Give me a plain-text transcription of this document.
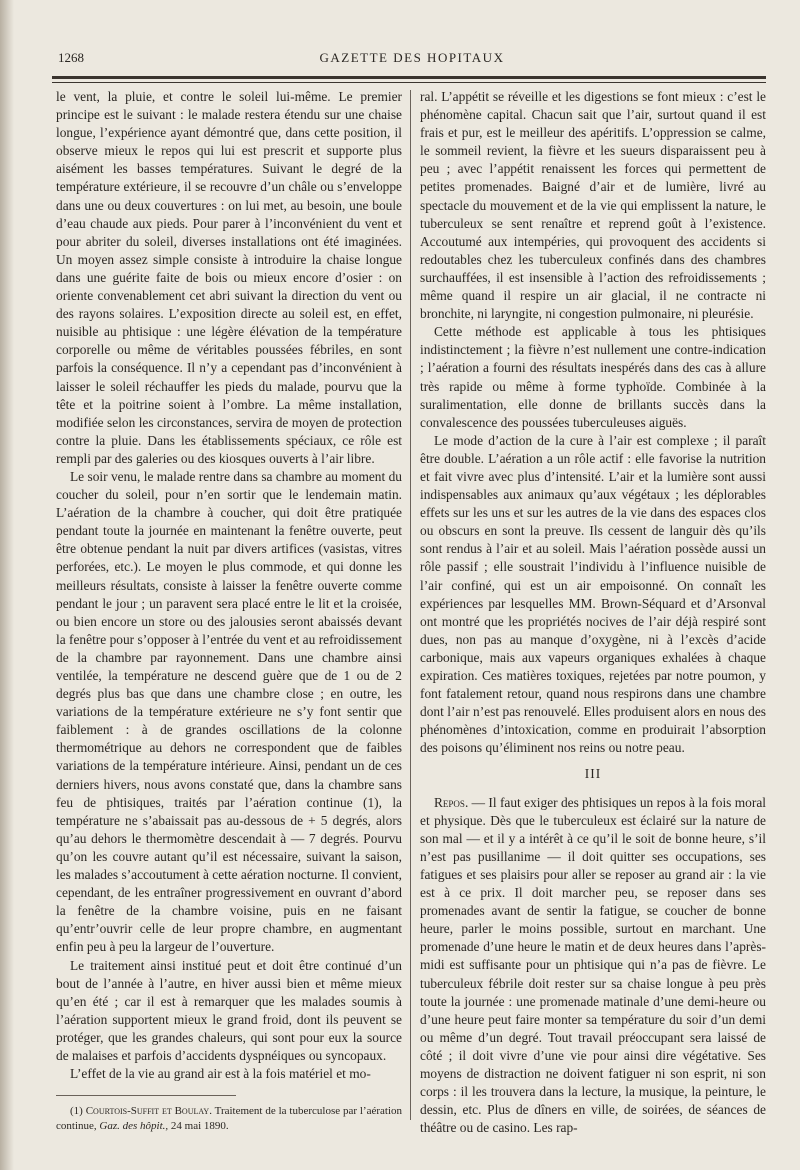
1268	GAZETTE DES HOPITAUX

le vent, la pluie, et contre le soleil lui-même. Le premier principe est le suivant : le malade restera étendu sur une chaise longue, l’expérience ayant démontré que, dans cette position, il observe mieux le repos qui lui est prescrit et supporte plus aisément les basses températures. Suivant le degré de la température extérieure, il se recouvre d’un châle ou s’enveloppe dans une ou deux couvertures : on lui met, au besoin, une boule d’eau chaude aux pieds. Pour parer à l’inconvénient du vent et pour abriter du soleil, diverses installations ont été imaginées. Un moyen assez simple consiste à introduire la chaise longue dans une guérite faite de bois ou mieux encore d’osier : on oriente convenablement cet abri suivant la direction du vent ou des rayons solaires. L’exposition directe au soleil est, en effet, nuisible au phtisique : une légère élévation de la température corporelle ou même de véritables poussées fébriles, en sont parfois la conséquence. Il n’y a cependant pas d’inconvénient à laisser le soleil réchauffer les pieds du malade, pourvu que la tête et la poitrine soient à l’ombre. La même installation, modifiée selon les circonstances, servira de moyen de protection contre la pluie. Dans les établissements spéciaux, ce rôle est rempli par des galeries ou des kiosques ouverts à l’air libre.

Le soir venu, le malade rentre dans sa chambre au moment du coucher du soleil, pour n’en sortir que le lendemain matin. L’aération de la chambre à coucher, qui doit être pratiquée pendant toute la journée en maintenant la fenêtre ouverte, peut être obtenue pendant la nuit par divers artifices (vasistas, vitres perforées, etc.). Le moyen le plus commode, et qui donne les meilleurs résultats, consiste à laisser la fenêtre ouverte comme pendant le jour ; un paravent sera placé entre le lit et la croisée, ou bien encore un store ou des jalousies seront abaissés devant la fenêtre pour s’opposer à l’entrée du vent et au refroidissement de la chambre par rayonnement. Dans une chambre ainsi ventilée, la température ne descend guère que de 1 ou de 2 degrés plus bas que dans une chambre close ; en outre, les variations de la température extérieure ne s’y font sentir que faiblement : à de grandes oscillations de la colonne thermométrique au dehors ne correspondent que de faibles variations de la température intérieure. Ainsi, pendant un de ces derniers hivers, nous avons constaté que, dans la chambre sans feu de phtisiques, traités par l’aération continue (1), la température ne s’abaissait pas au-dessous de + 5 degrés, alors qu’au dehors le thermomètre descendait à — 7 degrés. Pourvu qu’on les couvre autant qu’il est nécessaire, suivant la saison, les malades s’accoutument à cette aération nocturne. Il convient, cependant, de les entraîner progressivement en ouvrant d’abord la fenêtre de la chambre voisine, puis en ne faisant qu’entr’ouvrir celle de leur propre chambre, en augmentant enfin peu à peu la largeur de l’ouverture.

Le traitement ainsi institué peut et doit être continué d’un bout de l’année à l’autre, en hiver aussi bien et même mieux qu’en été ; car il est à remarquer que les malades soumis à l’aération supportent mieux le grand froid, dont ils peuvent se protéger, que les grandes chaleurs, qui sont pour eux la source de malaises et parfois d’accidents dyspnéiques ou syncopaux.

L’effet de la vie au grand air est à la fois matériel et mo-

(1) Courtois-Suffit et Boulay. Traitement de la tuberculose par l’aération continue, Gaz. des hôpit., 24 mai 1890.

ral. L’appétit se réveille et les digestions se font mieux : c’est le phénomène capital. Chacun sait que l’air, surtout quand il est frais et pur, est le meilleur des apéritifs. L’oppression se calme, le sommeil revient, la fièvre et les sueurs disparaissent peu à peu ; avec l’appétit renaissent les forces qui permettent de petites promenades. Baigné d’air et de lumière, livré au spectacle du mouvement et de la vie qui emplissent la nature, le tuberculeux se sent renaître et reprend goût à l’existence. Accoutumé aux intempéries, qui provoquent des accidents si redoutables chez les tuberculeux confinés dans des chambres surchauffées, il est insensible à l’action des refroidissements ; même quand il respire un air glacial, il ne contracte ni bronchite, ni laryngite, ni congestion pulmonaire, ni pleurésie.

Cette méthode est applicable à tous les phtisiques indistinctement ; la fièvre n’est nullement une contre-indication ; l’aération a fourni des résultats inespérés dans des cas à allure très rapide ou même à forme typhoïde. Combinée à la suralimentation, elle donne de brillants succès dans la convalescence des poussées tuberculeuses aiguës.

Le mode d’action de la cure à l’air est complexe ; il paraît être double. L’aération a un rôle actif : elle favorise la nutrition et fait vivre avec plus d’intensité. L’air et la lumière sont aussi indispensables aux animaux qu’aux végétaux ; les déplorables effets sur les uns et sur les autres de la vie dans des espaces clos ou obscurs en sont la preuve. Ils cessent de languir dès qu’ils sont rendus à l’air et au soleil. Mais l’aération possède aussi un rôle passif ; elle soustrait l’individu à l’influence nuisible de l’air confiné, qui est un air empoisonné. On connaît les expériences par lesquelles MM. Brown-Séquard et d’Arsonval ont montré que les propriétés nocives de l’air déjà respiré sont dues, non pas au manque d’oxygène, ni à l’excès d’acide carbonique, mais aux vapeurs organiques exhalées à chaque expiration. Ces matières toxiques, rejetées par notre poumon, y font fatalement retour, quand nous respirons dans une chambre dont l’air n’est pas renouvelé. Elles produisent alors en nous des phénomènes d’intoxication, comme en produirait l’absorption des poisons qu’éliminent nos reins ou notre peau.

III

Repos. — Il faut exiger des phtisiques un repos à la fois moral et physique. Dès que le tuberculeux est éclairé sur la nature de son mal — et il y a intérêt à ce qu’il le soit de bonne heure, s’il n’est pas pusillanime — il doit quitter ses occupations, ses fatigues et ses plaisirs pour aller se reposer au grand air : la vie est à ce prix. Il doit marcher peu, se reposer dans ses promenades avant de sentir la fatigue, se coucher de bonne heure, parler le moins possible, surtout en marchant. Une promenade d’une heure le matin et de deux heures dans l’après-midi est suffisante pour un phtisique qui n’a pas de fièvre. Le tuberculeux fébrile doit rester sur sa chaise longue à peu près toute la journée : une promenade matinale d’une demi-heure ou d’une heure peut faire monter sa température du soir d’un demi ou même d’un degré. Tout travail préoccupant sera laissé de côté ; il doit vivre d’une vie pour ainsi dire végétative. Ses moyens de distraction ne doivent fatiguer ni son esprit, ni son corps : il les trouvera dans la lecture, la musique, la peinture, le dessin, etc. Plus de dîners en ville, de soirées, de séances de théâtre ou de casino. Les rap-
